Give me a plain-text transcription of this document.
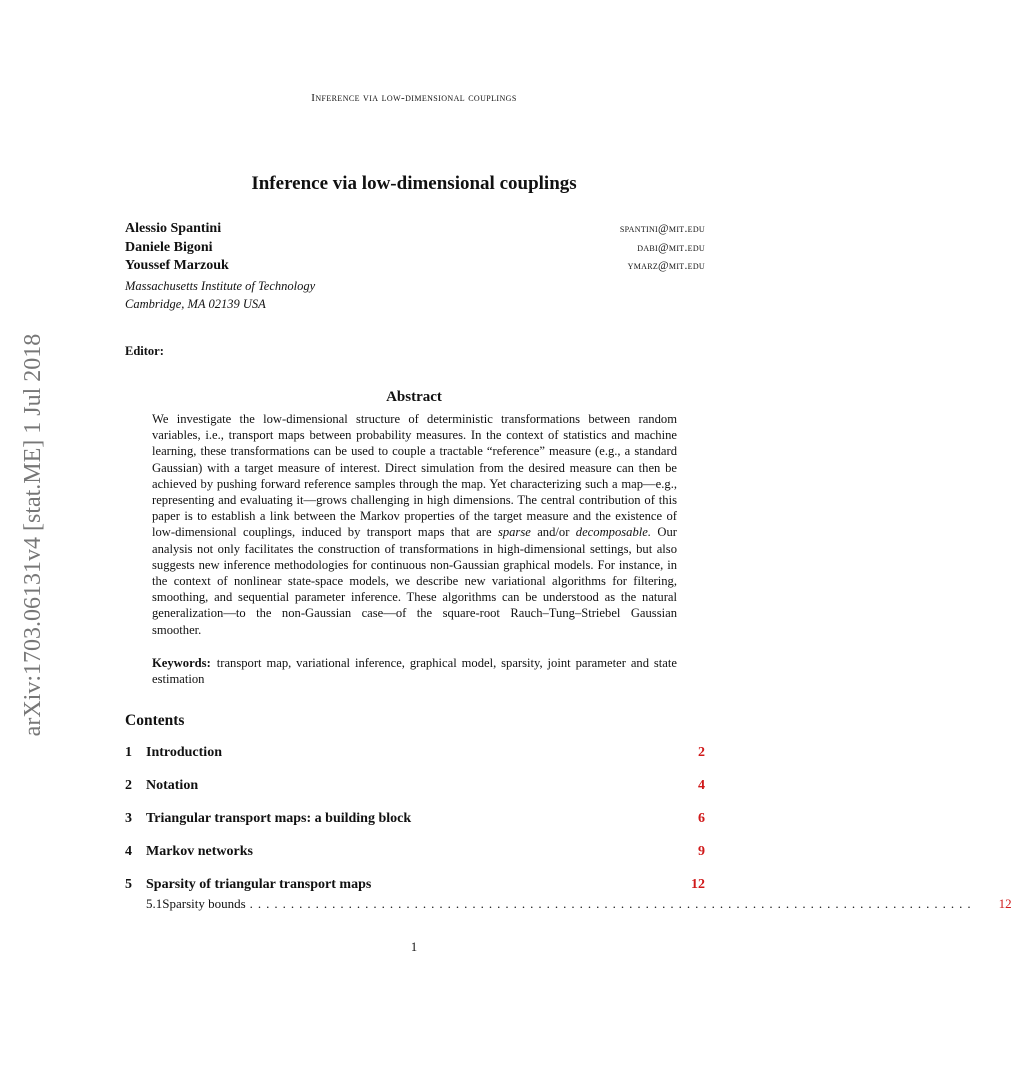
Inference via low-dimensional couplings
arXiv:1703.06131v4 [stat.ME] 1 Jul 2018
Inference via low-dimensional couplings
Alessio Spantini	spantini@mit.edu
Daniele Bigoni	dabi@mit.edu
Youssef Marzouk	ymarz@mit.edu
Massachusetts Institute of Technology
Cambridge, MA 02139 USA
Editor:
Abstract
We investigate the low-dimensional structure of deterministic transformations between random variables, i.e., transport maps between probability measures. In the context of statistics and machine learning, these transformations can be used to couple a tractable “reference” measure (e.g., a standard Gaussian) with a target measure of interest. Direct simulation from the desired measure can then be achieved by pushing forward reference samples through the map. Yet characterizing such a map—e.g., representing and evaluating it—grows challenging in high dimensions. The central contribution of this paper is to establish a link between the Markov properties of the target measure and the existence of low-dimensional couplings, induced by transport maps that are sparse and/or decomposable. Our analysis not only facilitates the construction of transformations in high-dimensional settings, but also suggests new inference methodologies for continuous non-Gaussian graphical models. For instance, in the context of nonlinear state-space models, we describe new variational algorithms for filtering, smoothing, and sequential parameter inference. These algorithms can be understood as the natural generalization—to the non-Gaussian case—of the square-root Rauch–Tung–Striebel Gaussian smoother.
Keywords: transport map, variational inference, graphical model, sparsity, joint parameter and state estimation
Contents
1	Introduction	2
2	Notation	4
3	Triangular transport maps: a building block	6
4	Markov networks	9
5	Sparsity of triangular transport maps	12
5.1 Sparsity bounds ........................................................................................	12
1
